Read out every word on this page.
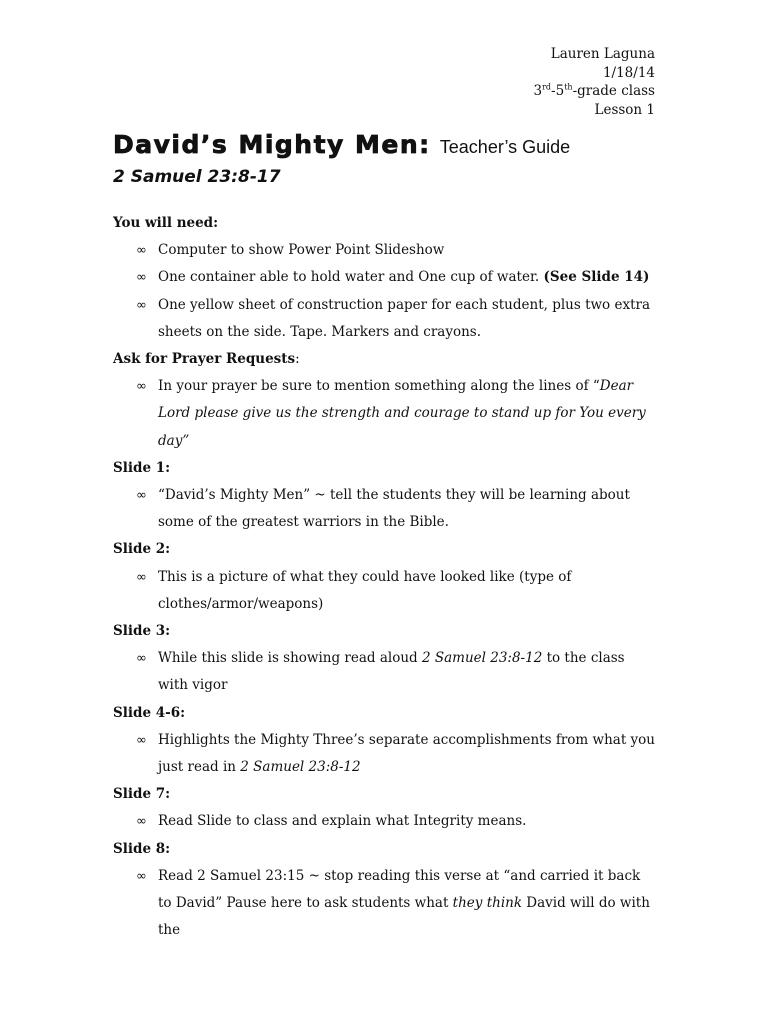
Lauren Laguna
1/18/14
3rd-5th-grade class
Lesson 1
David’s Mighty Men: Teacher’s Guide
2 Samuel 23:8-17
You will need:
∞ Computer to show Power Point Slideshow
∞ One container able to hold water and One cup of water. (See Slide 14)
∞ One yellow sheet of construction paper for each student, plus two extra sheets on the side. Tape. Markers and crayons.
Ask for Prayer Requests:
∞ In your prayer be sure to mention something along the lines of “Dear Lord please give us the strength and courage to stand up for You every day”
Slide 1:
∞ “David’s Mighty Men” ~ tell the students they will be learning about some of the greatest warriors in the Bible.
Slide 2:
∞ This is a picture of what they could have looked like (type of clothes/armor/weapons)
Slide 3:
∞ While this slide is showing read aloud 2 Samuel 23:8-12 to the class with vigor
Slide 4-6:
∞ Highlights the Mighty Three’s separate accomplishments from what you just read in 2 Samuel 23:8-12
Slide 7:
∞ Read Slide to class and explain what Integrity means.
Slide 8:
∞ Read 2 Samuel 23:15 ~ stop reading this verse at “and carried it back to David” Pause here to ask students what they think David will do with the
